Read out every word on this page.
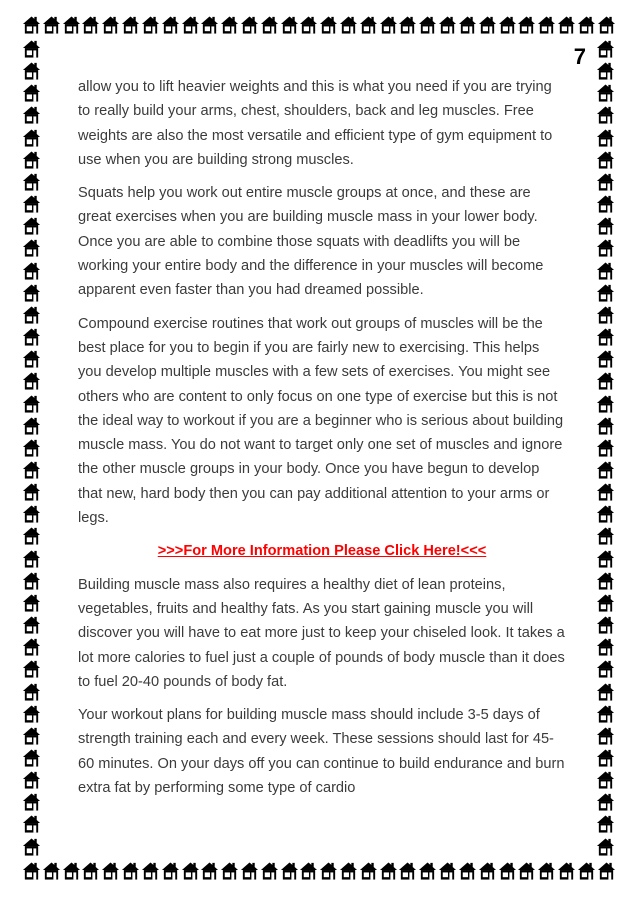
7

allow you to lift heavier weights and this is what you need if you are trying to really build your arms, chest, shoulders, back and leg muscles. Free weights are also the most versatile and efficient type of gym equipment to use when you are building strong muscles.

Squats help you work out entire muscle groups at once, and these are great exercises when you are building muscle mass in your lower body. Once you are able to combine those squats with deadlifts you will be working your entire body and the difference in your muscles will become apparent even faster than you had dreamed possible.

Compound exercise routines that work out groups of muscles will be the best place for you to begin if you are fairly new to exercising. This helps you develop multiple muscles with a few sets of exercises. You might see others who are content to only focus on one type of exercise but this is not the ideal way to workout if you are a beginner who is serious about building muscle mass. You do not want to target only one set of muscles and ignore the other muscle groups in your body. Once you have begun to develop that new, hard body then you can pay additional attention to your arms or legs.

>>>For More Information Please Click Here!<<<

Building muscle mass also requires a healthy diet of lean proteins, vegetables, fruits and healthy fats. As you start gaining muscle you will discover you will have to eat more just to keep your chiseled look. It takes a lot more calories to fuel just a couple of pounds of body muscle than it does to fuel 20-40 pounds of body fat.

Your workout plans for building muscle mass should include 3-5 days of strength training each and every week. These sessions should last for 45-60 minutes. On your days off you can continue to build endurance and burn extra fat by performing some type of cardio
